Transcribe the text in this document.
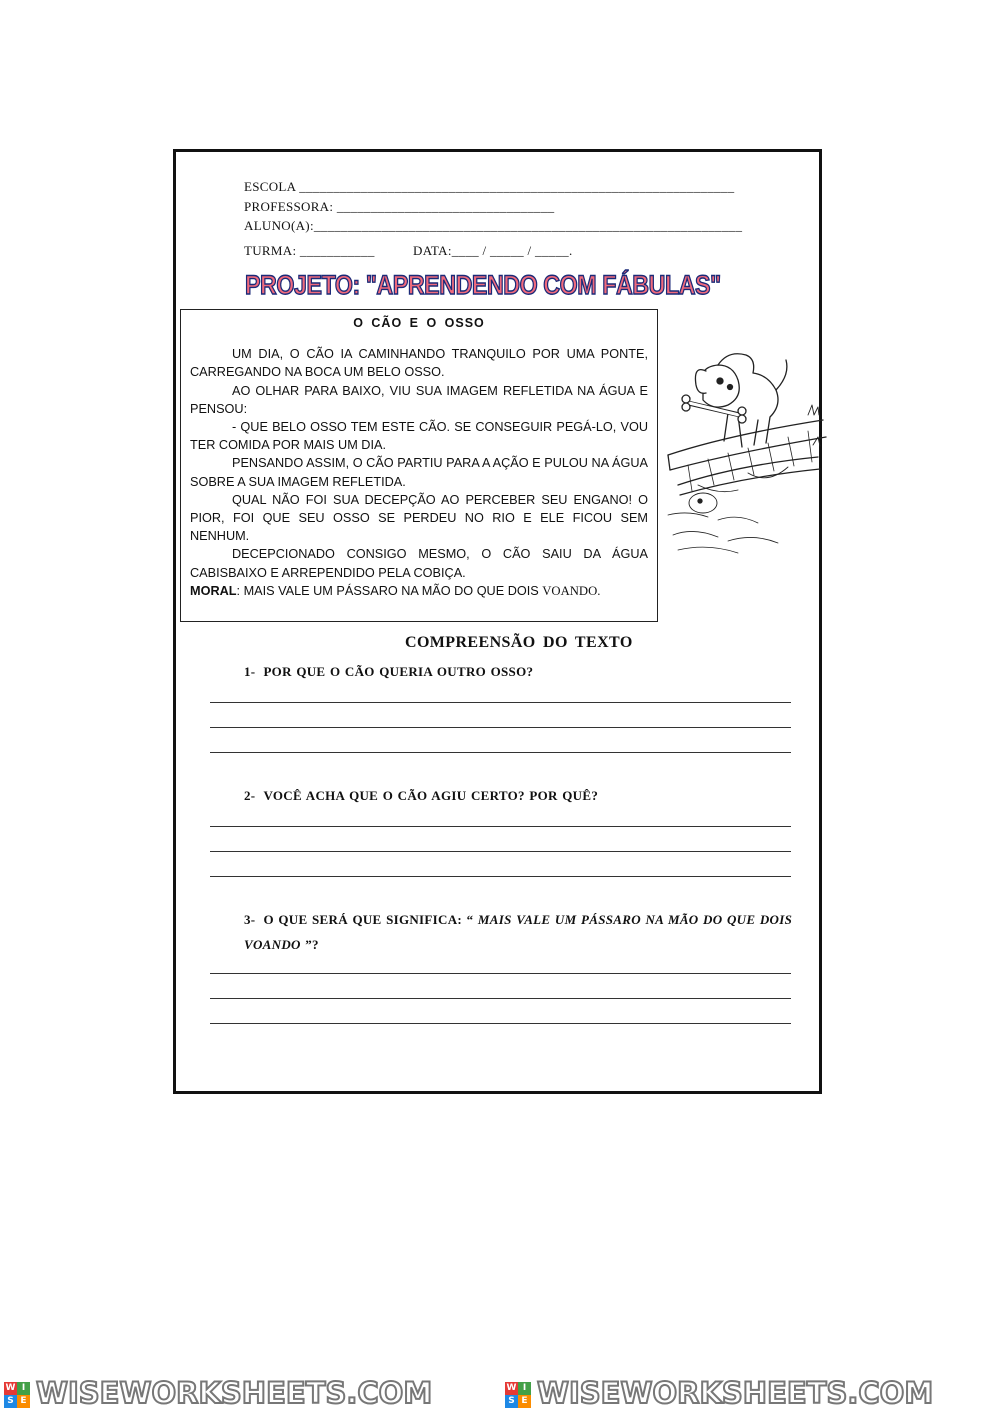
ESCOLA ________________________________________________________________
PROFESSORA: ________________________________
ALUNO(A):_______________________________________________________________
TURMA: ___________	DATA:____ / _____ / _____.
PROJETO: "APRENDENDO COM FÁBULAS"
O CÃO E O OSSO

UM DIA, O CÃO IA CAMINHANDO TRANQUILO POR UMA PONTE, CARREGANDO NA BOCA UM BELO OSSO.

AO OLHAR PARA BAIXO, VIU SUA IMAGEM REFLETIDA NA ÁGUA E PENSOU:

- QUE BELO OSSO TEM ESTE CÃO. SE CONSEGUIR PEGÁ-LO, VOU TER COMIDA POR MAIS UM DIA.

PENSANDO ASSIM, O CÃO PARTIU PARA A AÇÃO E PULOU NA ÁGUA SOBRE A SUA IMAGEM REFLETIDA.

QUAL NÃO FOI SUA DECEPÇÃO AO PERCEBER SEU ENGANO! O PIOR, FOI QUE SEU OSSO SE PERDEU NO RIO E ELE FICOU SEM NENHUM.

DECEPCIONADO CONSIGO MESMO, O CÃO SAIU DA ÁGUA CABISBAIXO E ARREPENDIDO PELA COBIÇA.

MORAL: MAIS VALE UM PÁSSARO NA MÃO DO QUE DOIS VOANDO.

COMPREENSÃO DO TEXTO
1- POR QUE O CÃO QUERIA OUTRO OSSO?
2- VOCÊ ACHA QUE O CÃO AGIU CERTO? POR QUÊ?
3- O QUE SERÁ QUE SIGNIFICA: “ MAIS VALE UM PÁSSARO NA MÃO DO QUE DOIS VOANDO ”?
W I
S E WISEWORKSHEETS.COM	W I
S E WISEWORKSHEETS.COM
